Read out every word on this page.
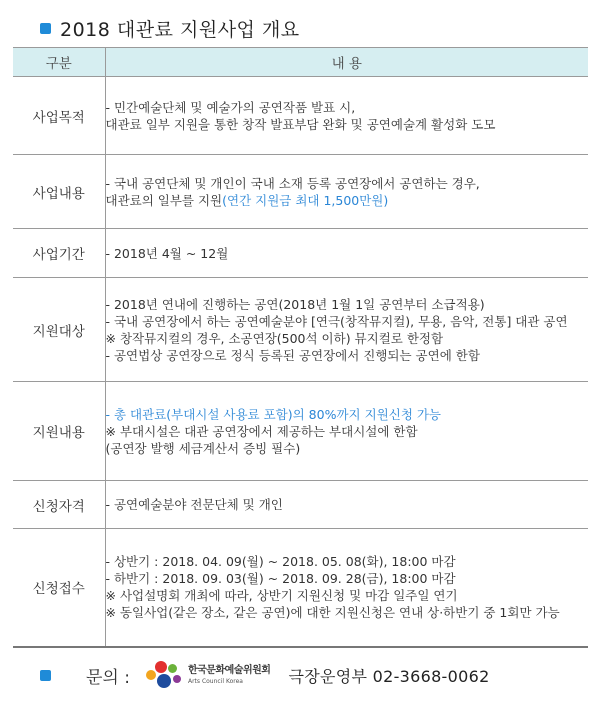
2018 대관료 지원사업 개요
구분	내 용
사업목적	- 민간예술단체 및 예술가의 공연작품 발표 시,
대관료 일부 지원을 통한 창작 발표부담 완화 및 공연예술계 활성화 도모

사업내용	- 국내 공연단체 및 개인이 국내 소재 등록 공연장에서 공연하는 경우,
대관료의 일부를 지원(연간 지원금 최대 1,500만원)

사업기간	- 2018년 4월 ~ 12월

지원대상	- 2018년 연내에 진행하는 공연(2018년 1월 1일 공연부터 소급적용)
- 국내 공연장에서 하는 공연예술분야 [연극(창작뮤지컬), 무용, 음악, 전통] 대관 공연
※ 창작뮤지컬의 경우, 소공연장(500석 이하) 뮤지컬로 한정함
- 공연법상 공연장으로 정식 등록된 공연장에서 진행되는 공연에 한함

지원내용	- 총 대관료(부대시설 사용료 포함)의 80%까지 지원신청 가능
※ 부대시설은 대관 공연장에서 제공하는 부대시설에 한함
(공연장 발행 세금계산서 증빙 필수)

신청자격	- 공연예술분야 전문단체 및 개인

신청접수	- 상반기 : 2018. 04. 09(월) ~ 2018. 05. 08(화), 18:00 마감
- 하반기 : 2018. 09. 03(월) ~ 2018. 09. 28(금), 18:00 마감
※ 사업설명회 개최에 따라, 상반기 지원신청 및 마감 일주일 연기
※ 동일사업(같은 장소, 같은 공연)에 대한 지원신청은 연내 상·하반기 중 1회만 가능
문의 :	한국문화예술위원회
Arts Council Korea	극장운영부 02-3668-0062
